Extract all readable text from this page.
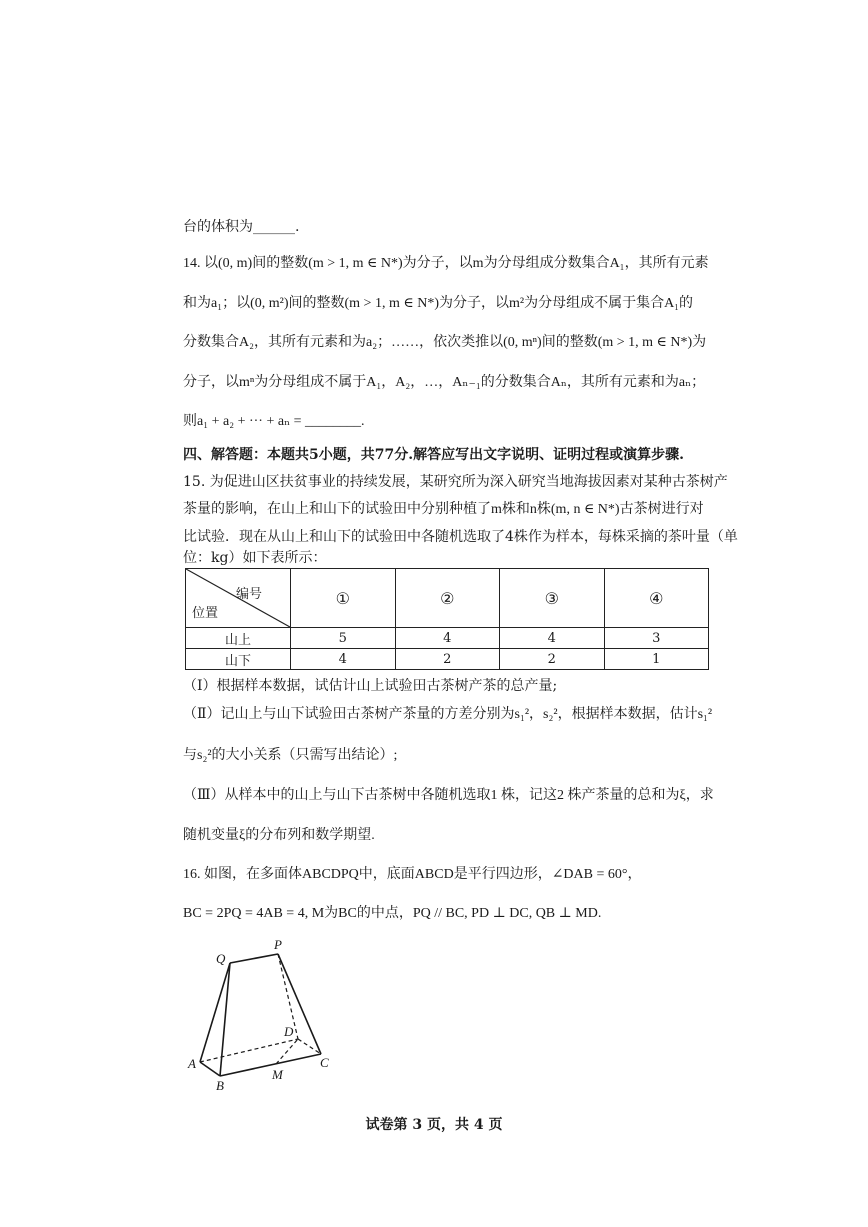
台的体积为______.
14. 以(0, m)间的整数(m > 1, m ∈ N*)为分子，以m为分母组成分数集合A₁，其所有元素
和为a₁；以(0, m²)间的整数(m > 1, m ∈ N*)为分子，以m²为分母组成不属于集合A₁的
分数集合A₂，其所有元素和为a₂；……，依次类推以(0, mⁿ)间的整数(m > 1, m ∈ N*)为
分子，以mⁿ为分母组成不属于A₁，A₂，…，Aₙ₋₁的分数集合Aₙ，其所有元素和为aₙ；
则a₁ + a₂ + ··· + aₙ = ________.
四、解答题：本题共5小题，共77分.解答应写出文字说明、证明过程或演算步骤.
15. 为促进山区扶贫事业的持续发展，某研究所为深入研究当地海拔因素对某种古茶树产
茶量的影响，在山上和山下的试验田中分别种植了m株和n株(m, n ∈ N*)古茶树进行对
比试验．现在从山上和山下的试验田中各随机选取了4株作为样本，每株采摘的茶叶量（单
位：kg）如下表所示：
编号
位置	①	②	③	④
山上	5	4	4	3
山下	4	2	2	1
（Ⅰ）根据样本数据，试估计山上试验田古茶树产茶的总产量;
（Ⅱ）记山上与山下试验田古茶树产茶量的方差分别为s₁²，s₂²，根据样本数据，估计s₁²
与s₂²的大小关系（只需写出结论）;
（Ⅲ）从样本中的山上与山下古茶树中各随机选取1 株，记这2 株产茶量的总和为ξ，求
随机变量ξ的分布列和数学期望.
16. 如图，在多面体ABCDPQ中，底面ABCD是平行四边形，∠DAB = 60°，
BC = 2PQ = 4AB = 4, M为BC的中点，PQ // BC, PD ⊥ DC, QB ⊥ MD.
P
Q
D
A
B
M
C
试卷第 3 页，共 4 页
